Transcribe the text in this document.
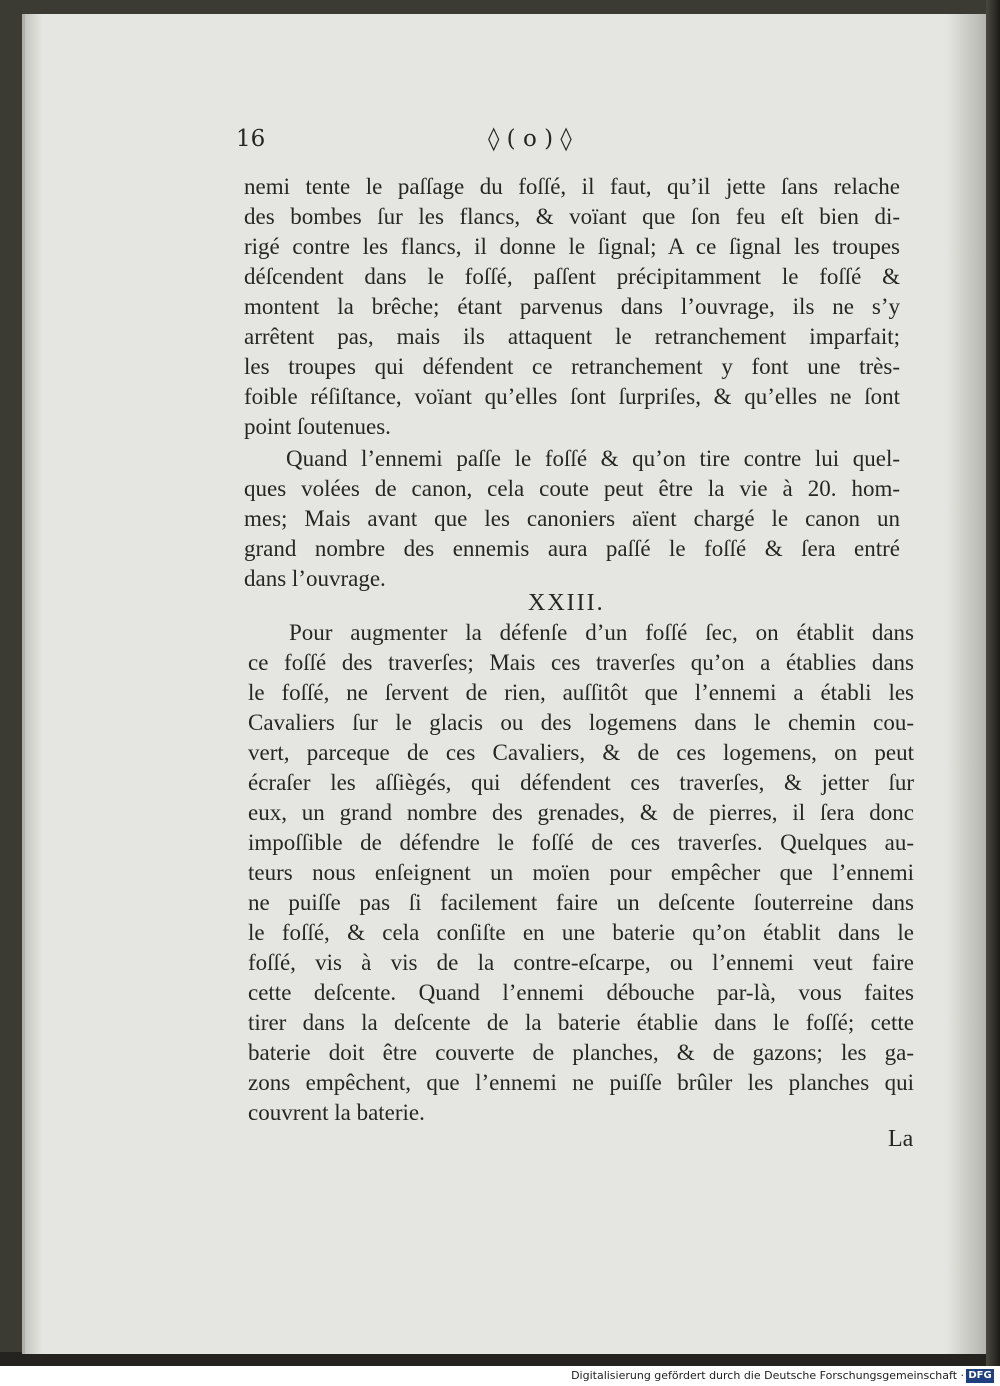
16	◊ ( o ) ◊
nemi tente le paſſage du foſſé, il faut, qu’il jette ſans relache
des bombes ſur les flancs, & voïant que ſon feu eſt bien di-
rigé contre les flancs, il donne le ſignal; A ce ſignal les troupes
déſcendent dans le foſſé, paſſent précipitamment le foſſé &
montent la brêche; étant parvenus dans l’ouvrage, ils ne s’y
arrêtent pas, mais ils attaquent le retranchement imparfait;
les troupes qui défendent ce retranchement y font une très-
foible réſiſtance, voïant qu’elles ſont ſurpriſes, & qu’elles ne ſont
point ſoutenues.
Quand l’ennemi paſſe le foſſé & qu’on tire contre lui quel-
ques volées de canon, cela coute peut être la vie à 20. hom-
mes; Mais avant que les canoniers aïent chargé le canon un
grand nombre des ennemis aura paſſé le foſſé & ſera entré
dans l’ouvrage.
XXIII.
Pour augmenter la défenſe d’un foſſé ſec, on établit dans
ce foſſé des traverſes; Mais ces traverſes qu’on a établies dans
le foſſé, ne ſervent de rien, auſſitôt que l’ennemi a établi les
Cavaliers ſur le glacis ou des logemens dans le chemin cou-
vert, parceque de ces Cavaliers, & de ces logemens, on peut
écraſer les aſſiègés, qui défendent ces traverſes, & jetter ſur
eux, un grand nombre des grenades, & de pierres, il ſera donc
impoſſible de défendre le foſſé de ces traverſes. Quelques au-
teurs nous enſeignent un moïen pour empêcher que l’ennemi
ne puiſſe pas ſi facilement faire un deſcente ſouterreine dans
le foſſé, & cela conſiſte en une baterie qu’on établit dans le
foſſé, vis à vis de la contre-eſcarpe, ou l’ennemi veut faire
cette deſcente. Quand l’ennemi débouche par-là, vous faites
tirer dans la deſcente de la baterie établie dans le foſſé; cette
baterie doit être couverte de planches, & de gazons; les ga-
zons empêchent, que l’ennemi ne puiſſe brûler les planches qui
couvrent la baterie.
La
Digitalisierung gefördert durch die Deutsche Forschungsgemeinschaft · DFG
